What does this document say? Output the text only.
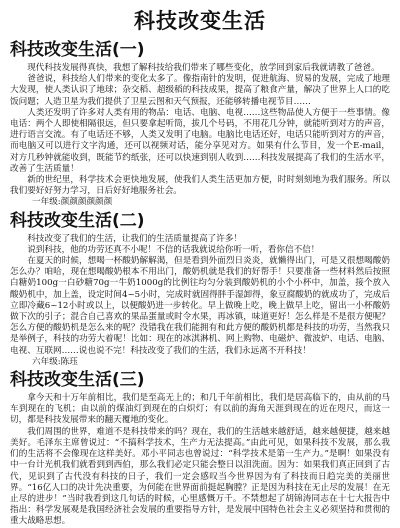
科技改变生活
科技改变生活(一)

现代科技发展得真快，我想了解科技给我们带来了哪些变化，放学回到家后我就请教了爸爸。

爸爸说，科技给人们带来的变化太多了。像指南针的发明，促进航海、贸易的发展，完成了地理大发现，使人类认识了地球；杂交稻、超级稻的科技成果，提高了粮食产量，解决了世界上人口的吃饭问题；人造卫星为我们提供了卫星云图和天气预报，还能够转播电视节目……

人类还发明了许多对人类有用的物品：电话、电脑、电视……这些物品使人方便于一些事情。像电话：两个人即使相隔很远，但只要拿起听筒，拔几个号码，不用花几分钟，就能听到对方的声音，进行语言交流。有了电话还不够，人类又发明了电脑。电脑比电话还好，电话只能听到对方的声音，而电脑又可以进行文字沟通，还可以视频对话，能分享见对方。如果有什么节目，发一个E-mail，对方几秒钟就能收到，既能节约纸张，还可以快速到别人收到……科技发展提高了我们的生活水平，改善了生活质量！

新的世纪里，科学技术会更快地发展，使我们人类生活更加方便，时时刻刻地为我们服务。所以我们要好好努力学习，日后好好地服务社会。

一年级:颜颜颜颜颜颜
科技改变生活(二)

科技改变了我们的生活，让我们的生活质量提高了许多！

说到科技，他的功劳还真不小呢！不信的话我就说给你听一听，看你信不信！

在夏天的时候，想喝一杯酸奶解解渴，但是看到外面烈日炎炎，就懒得出门，可是又很想喝酸奶怎么办？咱哈，现在想喝酸奶根本不用出门，酸奶机就是我们的好帮手！只要准备一些材料然后按照白糖奶100g一白砂糖70g一牛奶1000g的比例往均匀分装到酸奶机的小个小杯中，加盖，接个放入酸奶机中，加上盖，设定时间4~5小时，完成时就固得胖手湿卸得，象豆腐酸奶的就成功了，完成后立即冷藏6~12小时或以上，以便酸奶进一步转化。早上做晚上吃，晚上做早上吃，留出一小杯酸奶做下次的引子；混合自己喜欢的果品蛋量或时令水果，再冰镇，味道更好！怎么样是不是很方便呢？怎么方便的酸奶机是怎么来的呢？没错我在我们能拥有和此方便的酸奶机都是科技的功劳，当然我只是举例子，科技的功劳大着呢！比如：现在的冰淇淋机、网上购物、电磁炉、微波炉、电话、电脑、电视、互联网……说也说不完！科技改变了我们的生活，我们永远离不开科技！

六年级:陈珏
科技改变生活(三)

拿今天和十万年前相比，我们是至高无上的；和几千年前相比，我们是居高临下的，由从前的马车到现在的飞机；由以前的煤油灯到现在的白炽灯；有以前的海角天涯到现在的近在咫尺，而这一切，都是科技发展带来的翻天覆地的变化。

我们周围的世界，难道不是科技带来的吗？现在，我们的生活越来越舒适，越来越便捷，越来越美好。毛泽东主席曾说过：“不搞科学技术，生产力无法提高。”由此可见，如果科技不发展，那么我们的生活将不会像现在这样美好。邓小平同志也曾说过：“科学技术是第一生产力。”是啊！如果没有中一台计光机我们就看到到西伯，那么我们必定只能会整日以泪洗面。因为：如果我们真正回到了古代，见识到了古代没有科技的日子，我们一定会感叹当今世界因为有了科技而日趋完美的美丽世界。“16亿人口的决计先决重要，为何能在世界面前挺起胸膛？正是因为科技在无止尽的发展！在无止尽的进步！”当时我看到这几句话的时候，心里感慨万千。不禁想起了胡锦涛同志在十七大报告中指出：科学发展观是我国经济社会发展的重要指导方针，是发展中国特色社会主义必须坚持和贯彻的重大战略思想。
